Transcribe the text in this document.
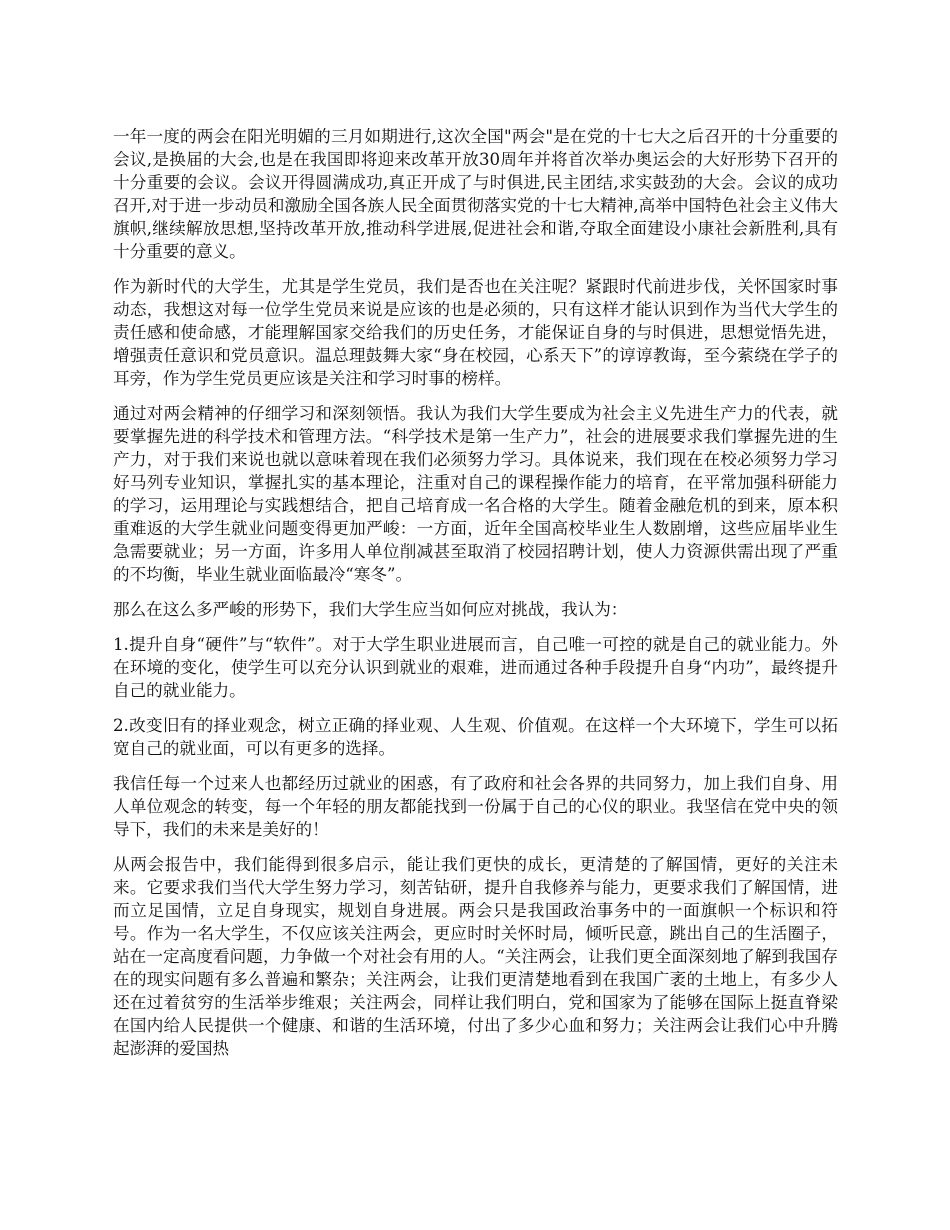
一年一度的两会在阳光明媚的三月如期进行,这次全国"两会"是在党的十七大之后召开的十分重要的会议,是换届的大会,也是在我国即将迎来改革开放30周年并将首次举办奥运会的大好形势下召开的十分重要的会议。会议开得圆满成功,真正开成了与时俱进,民主团结,求实鼓劲的大会。会议的成功召开,对于进一步动员和激励全国各族人民全面贯彻落实党的十七大精神,高举中国特色社会主义伟大旗帜,继续解放思想,坚持改革开放,推动科学进展,促进社会和谐,夺取全面建设小康社会新胜利,具有十分重要的意义。

作为新时代的大学生，尤其是学生党员，我们是否也在关注呢？紧跟时代前进步伐，关怀国家时事动态，我想这对每一位学生党员来说是应该的也是必须的，只有这样才能认识到作为当代大学生的责任感和使命感，才能理解国家交给我们的历史任务，才能保证自身的与时俱进，思想觉悟先进，增强责任意识和党员意识。温总理鼓舞大家“身在校园，心系天下”的谆谆教诲，至今萦绕在学子的耳旁，作为学生党员更应该是关注和学习时事的榜样。

通过对两会精神的仔细学习和深刻领悟。我认为我们大学生要成为社会主义先进生产力的代表，就要掌握先进的科学技术和管理方法。“科学技术是第一生产力”，社会的进展要求我们掌握先进的生产力，对于我们来说也就以意味着现在我们必须努力学习。具体说来，我们现在在校必须努力学习好马列专业知识，掌握扎实的基本理论，注重对自己的课程操作能力的培育，在平常加强科研能力的学习，运用理论与实践想结合，把自己培育成一名合格的大学生。随着金融危机的到来，原本积重难返的大学生就业问题变得更加严峻：一方面，近年全国高校毕业生人数剧增，这些应届毕业生急需要就业；另一方面，许多用人单位削减甚至取消了校园招聘计划，使人力资源供需出现了严重的不均衡，毕业生就业面临最冷“寒冬”。

那么在这么多严峻的形势下，我们大学生应当如何应对挑战，我认为：

1.提升自身“硬件”与“软件”。对于大学生职业进展而言，自己唯一可控的就是自己的就业能力。外在环境的变化，使学生可以充分认识到就业的艰难，进而通过各种手段提升自身“内功”，最终提升自己的就业能力。

2.改变旧有的择业观念，树立正确的择业观、人生观、价值观。在这样一个大环境下，学生可以拓宽自己的就业面，可以有更多的选择。

我信任每一个过来人也都经历过就业的困惑，有了政府和社会各界的共同努力，加上我们自身、用人单位观念的转变，每一个年轻的朋友都能找到一份属于自己的心仪的职业。我坚信在党中央的领导下，我们的未来是美好的！

从两会报告中，我们能得到很多启示，能让我们更快的成长，更清楚的了解国情，更好的关注未来。它要求我们当代大学生努力学习，刻苦钻研，提升自我修养与能力，更要求我们了解国情，进而立足国情，立足自身现实，规划自身进展。两会只是我国政治事务中的一面旗帜一个标识和符号。作为一名大学生，不仅应该关注两会，更应时时关怀时局，倾听民意，跳出自己的生活圈子，站在一定高度看问题，力争做一个对社会有用的人。“关注两会，让我们更全面深刻地了解到我国存在的现实问题有多么普遍和繁杂；关注两会，让我们更清楚地看到在我国广袤的土地上，有多少人还在过着贫穷的生活举步维艰；关注两会，同样让我们明白，党和国家为了能够在国际上挺直脊梁在国内给人民提供一个健康、和谐的生活环境，付出了多少心血和努力；关注两会让我们心中升腾起澎湃的爱国热
